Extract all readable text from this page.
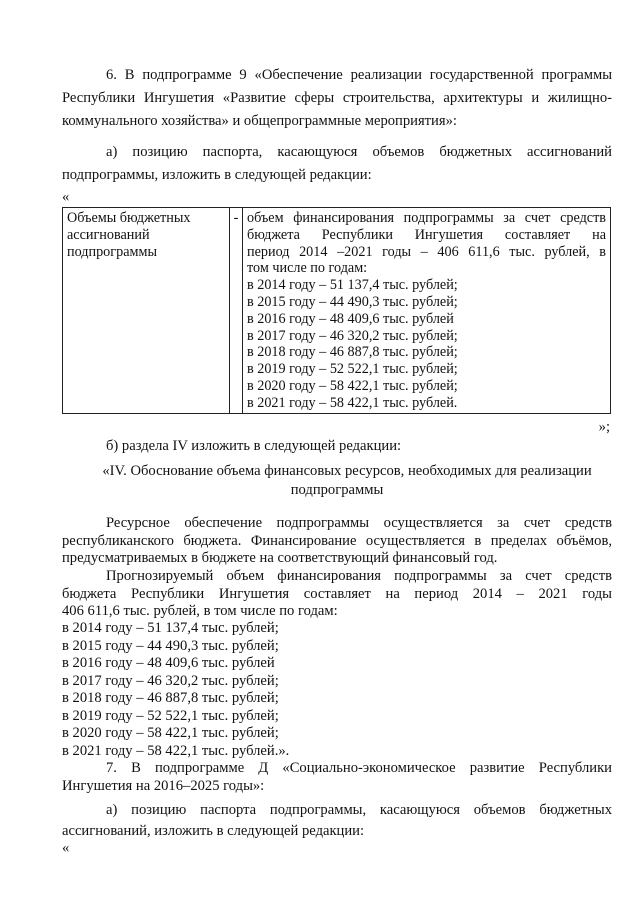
6. В подпрограмме 9 «Обеспечение реализации государственной программы
Республики Ингушетия «Развитие сферы строительства, архитектуры и жилищно-
коммунального хозяйства» и общепрограммные мероприятия»:
а) позицию паспорта, касающуюся объемов бюджетных ассигнований
подпрограммы, изложить в следующей редакции:

«

Объемы бюджетных
ассигнований
подпрограммы
	-	объем финансирования подпрограммы за счет средств
бюджета Республики Ингушетия составляет на
период 2014 –2021 годы – 406 611,6 тыс. рублей, в
том числе по годам:
в 2014 году – 51 137,4 тыс. рублей;
в 2015 году – 44 490,3 тыс. рублей;
в 2016 году – 48 409,6 тыс. рублей
в 2017 году – 46 320,2 тыс. рублей;
в 2018 году – 46 887,8 тыс. рублей;
в 2019 году – 52 522,1 тыс. рублей;
в 2020 году – 58 422,1 тыс. рублей;
в 2021 году – 58 422,1 тыс. рублей.

»;

б) раздела IV изложить в следующей редакции:

«IV. Обоснование объема финансовых ресурсов, необходимых для реализации
подпрограммы
Ресурсное обеспечение подпрограммы осуществляется за счет средств
республиканского бюджета. Финансирование осуществляется в пределах объёмов,
предусматриваемых в бюджете на соответствующий финансовый год.
Прогнозируемый объем финансирования подпрограммы за счет средств
бюджета Республики Ингушетия составляет на период 2014 – 2021 годы
406 611,6 тыс. рублей, в том числе по годам:
в 2014 году – 51 137,4 тыс. рублей;
в 2015 году – 44 490,3 тыс. рублей;
в 2016 году – 48 409,6 тыс. рублей
в 2017 году – 46 320,2 тыс. рублей;
в 2018 году – 46 887,8 тыс. рублей;
в 2019 году – 52 522,1 тыс. рублей;
в 2020 году – 58 422,1 тыс. рублей;
в 2021 году – 58 422,1 тыс. рублей.».
7. В подпрограмме Д «Социально-экономическое развитие Республики
Ингушетия на 2016–2025 годы»:
а) позицию паспорта подпрограммы, касающуюся объемов бюджетных
ассигнований, изложить в следующей редакции:

«
